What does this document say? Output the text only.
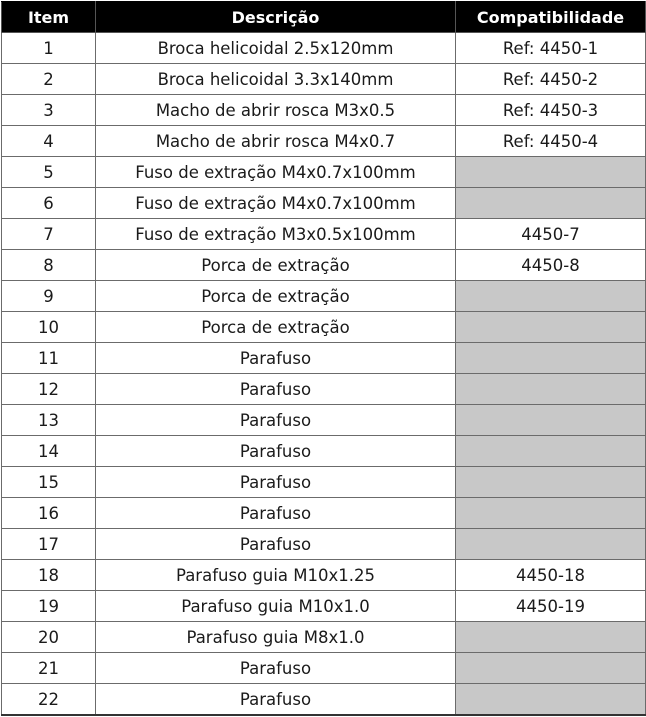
Item	Descrição	Compatibilidade
1	Broca helicoidal 2.5x120mm	Ref: 4450-1
2	Broca helicoidal 3.3x140mm	Ref: 4450-2
3	Macho de abrir rosca M3x0.5	Ref: 4450-3
4	Macho de abrir rosca M4x0.7	Ref: 4450-4
5	Fuso de extração M4x0.7x100mm	
6	Fuso de extração M4x0.7x100mm	
7	Fuso de extração M3x0.5x100mm	4450-7
8	Porca de extração	4450-8
9	Porca de extração	
10	Porca de extração	
11	Parafuso	
12	Parafuso	
13	Parafuso	
14	Parafuso	
15	Parafuso	
16	Parafuso	
17	Parafuso	
18	Parafuso guia M10x1.25	4450-18
19	Parafuso guia M10x1.0	4450-19
20	Parafuso guia M8x1.0	
21	Parafuso	
22	Parafuso	
